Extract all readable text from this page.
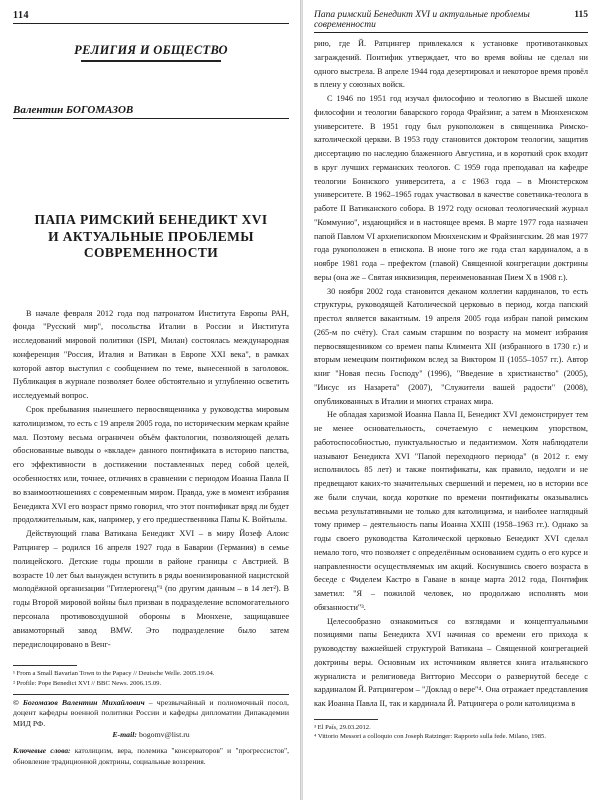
114
РЕЛИГИЯ И ОБЩЕСТВО
Валентин БОГОМАЗОВ
ПАПА РИМСКИЙ БЕНЕДИКТ XVI
И АКТУАЛЬНЫЕ ПРОБЛЕМЫ СОВРЕМЕННОСТИ

В начале февраля 2012 года под патронатом Института Европы РАН, фонда "Русский мир", посольства Италии в России и Института исследований мировой политики (ISPI, Милан) состоялась международная конференция "Россия, Италия и Ватикан в Европе XXI века", в рамках которой автор выступил с сообщением по теме, вынесенной в заголовок. Публикация в журнале позволяет более обстоятельно и углубленно осветить исследуемый вопрос.

Срок пребывания нынешнего первосвященника у руководства мировым католицизмом, то есть с 19 апреля 2005 года, по историческим меркам крайне мал. Поэтому весьма ограничен объём фактологии, позволяющей делать обоснованные выводы о «вкладе» данного понтификата в историю папства, его эффективности в достижении поставленных перед собой целей, особенностях или, точнее, отличиях в сравнении с периодом Иоанна Павла II во взаимоотношениях с современным миром. Правда, уже в момент избрания Бенедикта XVI его возраст прямо говорил, что этот понтификат вряд ли будет продолжительным, как, например, у его предшественника Папы К. Войтылы.

Действующий глава Ватикана Бенедикт XVI – в миру Йозеф Алоис Ратцингер – родился 16 апреля 1927 года в Баварии (Германия) в семье полицейского. Детские годы прошли в районе границы с Австрией. В возрасте 10 лет был вынужден вступить в ряды военизированной нацистской молодёжной организации "Гитлерюгенд"¹ (по другим данным – в 14 лет²). В годы Второй мировой войны был призван в подразделение вспомогательного персонала противовоздушной обороны в Мюнхене, защищавшее авиамоторный завод BMW. Это подразделение было затем передислоцировано в Венг-

¹ From a Small Bavarian Town to the Papacy // Deutsche Welle. 2005.19.04.

² Profile: Pope Benedict XVI // BBC News. 2006.15.09.

© Богомазов Валентин Михайлович – чрезвычайный и полномочный посол, доцент кафедры военной политики России и кафедры дипломатии Дипакадемии МИД РФ.

E-mail: bogomv@list.ru

Ключевые слова: католицизм, вера, полемика "консерваторов" и "прогрессистов", обновление традиционной доктрины, социальные воззрения.

115
Папа римский Бенедикт XVI и актуальные проблемы современности

рию, где Й. Ратцингер привлекался к установке противотанковых заграждений. Понтифик утверждает, что во время войны не сделал ни одного выстрела. В апреле 1944 года дезертировал и некоторое время провёл в плену у союзных войск.

С 1946 по 1951 год изучал философию и теологию в Высшей школе философии и теологии баварского города Фрайзинг, а затем в Мюнхенском университете. В 1951 году был рукоположен в священника Римско-католической церкви. В 1953 году становится доктором теологии, защитив диссертацию по наследию блаженного Августина, и в короткий срок входит в круг лучших германских теологов. С 1959 года преподавал на кафедре теологии Боннского университета, а с 1963 года – в Мюнстерском университете. В 1962–1965 годах участвовал в качестве советника-теолога в работе II Ватиканского собора. В 1972 году основал теологический журнал "Коммунио", издающийся и в настоящее время. В марте 1977 года назначен папой Павлом VI архиепископом Мюнхенским и Фрайзингским. 28 мая 1977 года рукоположен в епископа. В июне того же года стал кардиналом, а в ноябре 1981 года – префектом (главой) Священной конгрегации доктрины веры (она же – Святая инквизиция, переименованная Пием X в 1908 г.).

30 ноября 2002 года становится деканом коллегии кардиналов, то есть структуры, руководящей Католической церковью в период, когда папский престол является вакантным. 19 апреля 2005 года избран папой римским (265-м по счёту). Стал самым старшим по возрасту на момент избрания первосвященником со времен папы Климента XII (избранного в 1730 г.) и вторым немецким понтификом вслед за Виктором II (1055–1057 гг.). Автор книг "Новая песнь Господу" (1996), "Введение в христианство" (2005), "Иисус из Назарета" (2007), "Служители вашей радости" (2008), опубликованных в Италии и многих странах мира.

Не обладая харизмой Иоанна Павла II, Бенедикт XVI демонстрирует тем не менее основательность, сочетаемую с немецким упорством, работоспособностью, пунктуальностью и педантизмом. Хотя наблюдатели называют Бенедикта XVI "Папой переходного периода" (в 2012 г. ему исполнилось 85 лет) и также понтификаты, как правило, недолги и не предвещают каких-то значительных свершений и перемен, но в истории все же были случаи, когда короткие по времени понтификаты оказывались весьма результативными не только для католицизма, и наиболее наглядный тому пример – деятельность папы Иоанна XXIII (1958–1963 гг.). Однако за годы своего руководства Католической церковью Бенедикт XVI сделал немало того, что позволяет с определённым основанием судить о его курсе и направленности осуществляемых им акций. Коснувшись своего возраста в беседе с Фиделем Кастро в Гаване в конце марта 2012 года, Понтифик заметил: "Я – пожилой человек, но продолжаю исполнять мои обязанности"³.

Целесообразно ознакомиться со взглядами и концептуальными позициями папы Бенедикта XVI начиная со времени его прихода к руководству важнейшей структурой Ватикана – Священной конгрегацией доктрины веры. Основным их источником является книга итальянского журналиста и религиоведа Витторио Мессори о развернутой беседе с кардиналом Й. Ратцингером – "Доклад о вере"⁴. Она отражает представления как Иоанна Павла II, так и кардинала Й. Ратцингера о роли католицизма в

³ El País, 29.03.2012.

⁴ Vittorio Messori a colloquio con Joseph Ratzinger: Rapporto sulla fede. Milano, 1985.
